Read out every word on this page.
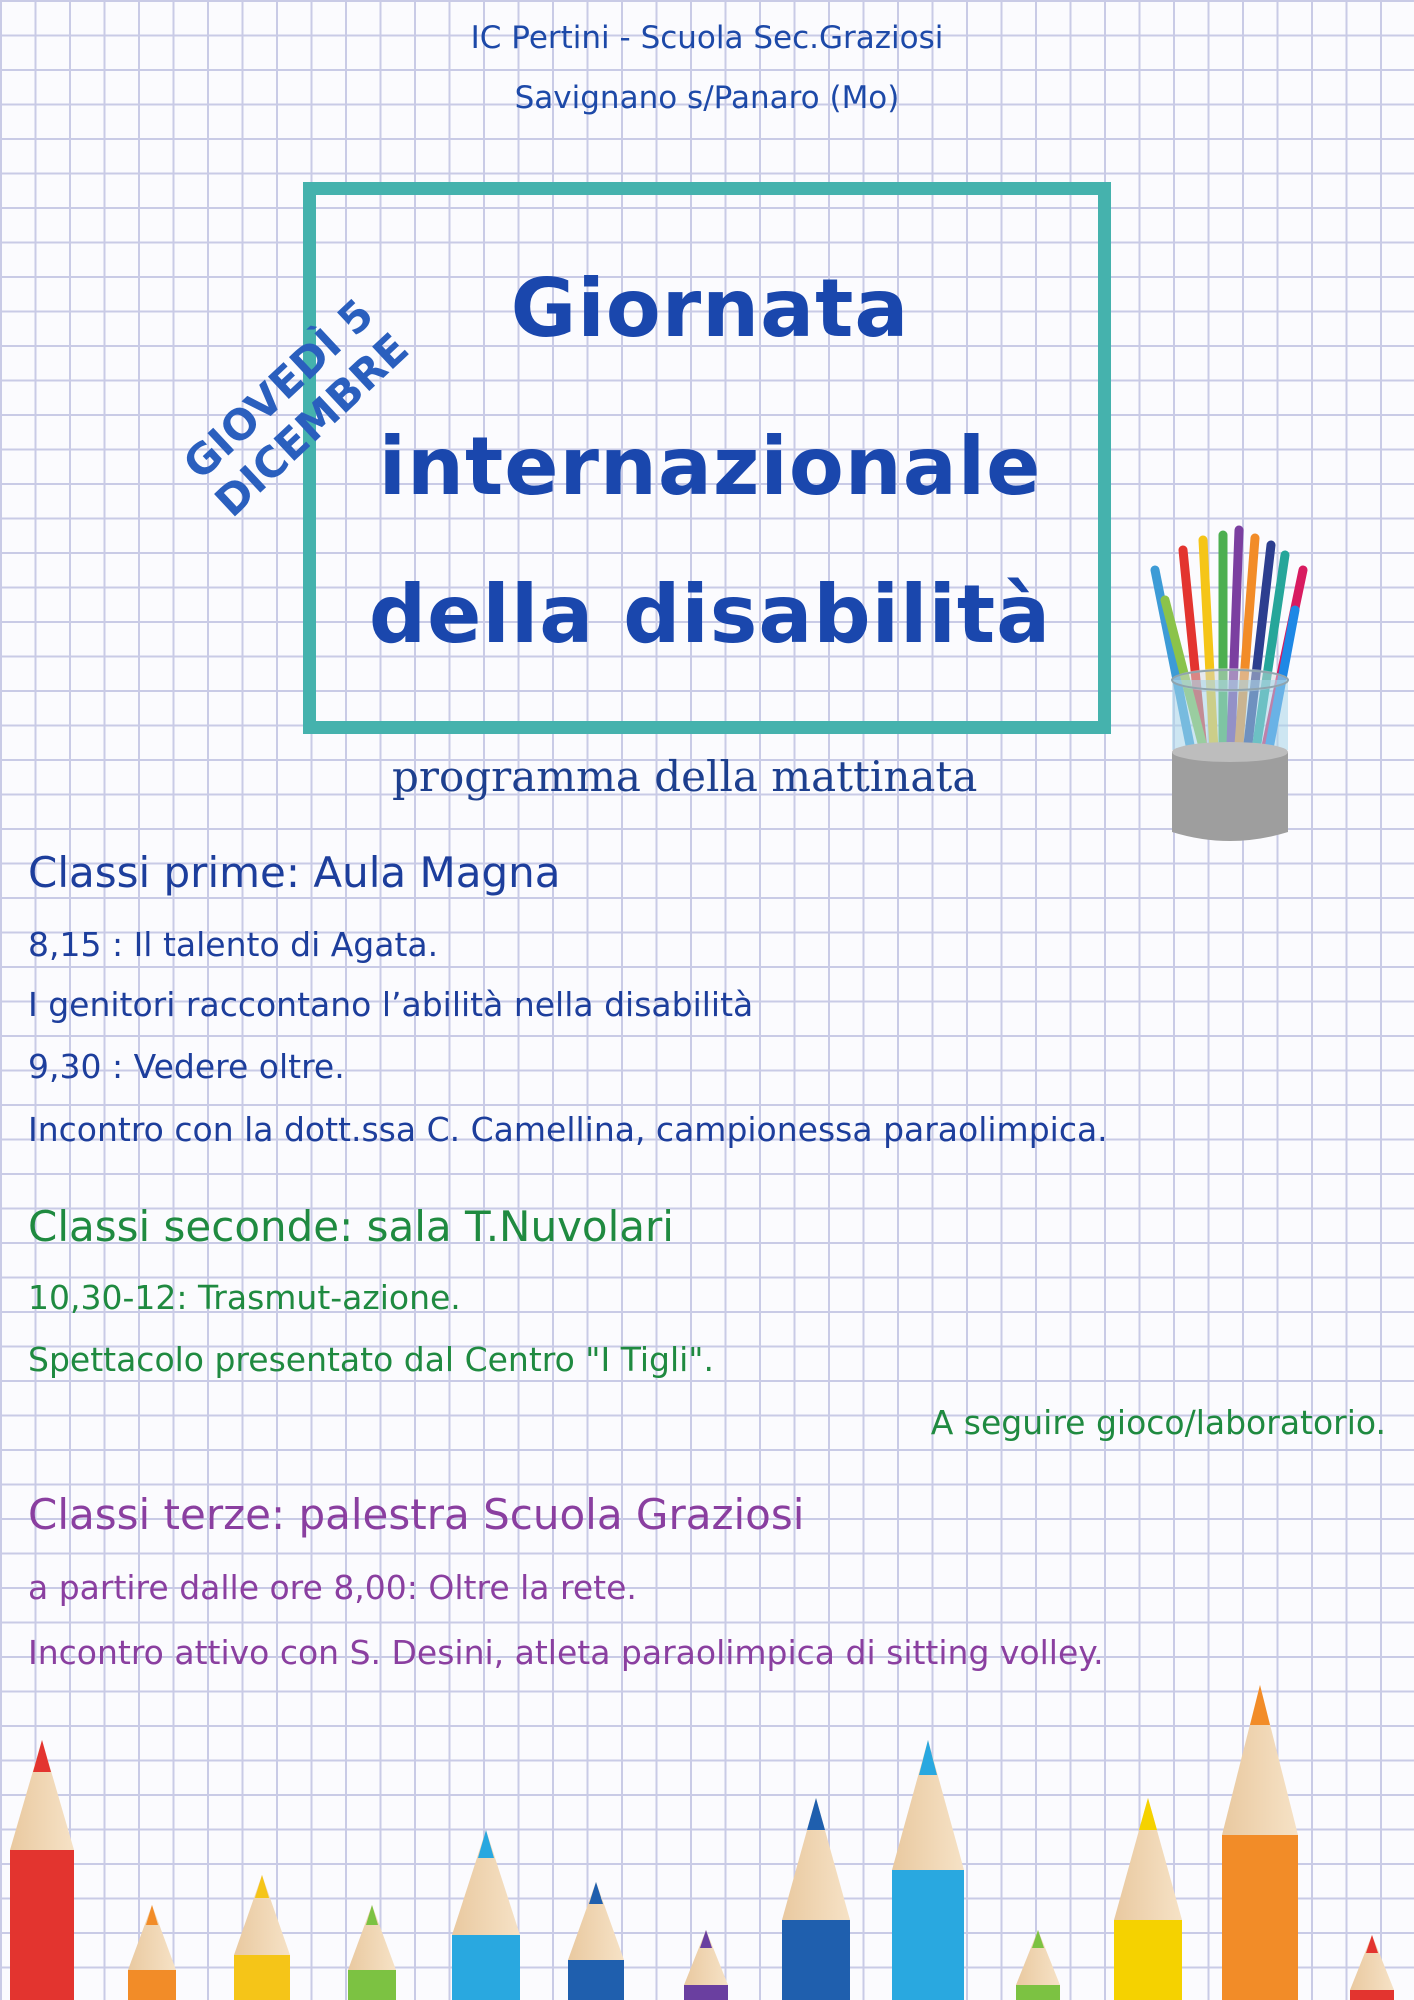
IC Pertini - Scuola Sec.Graziosi
Savignano s/Panaro (Mo)
Giornata
internazionale
della disabilità
GIOVEDÌ 5 DICEMBRE
programma della mattinata
Classi prime: Aula Magna
8,15 : Il talento di Agata.
I genitori raccontano l’abilità nella disabilità
9,30 : Vedere oltre.
Incontro con la dott.ssa C. Camellina, campionessa paraolimpica.
Classi seconde: sala T.Nuvolari
10,30-12: Trasmut-azione.
Spettacolo presentato dal Centro "I Tigli".
A seguire gioco/laboratorio.
Classi terze: palestra Scuola Graziosi
a partire dalle ore 8,00: Oltre la rete.
Incontro attivo con S. Desini, atleta paraolimpica di sitting volley.
